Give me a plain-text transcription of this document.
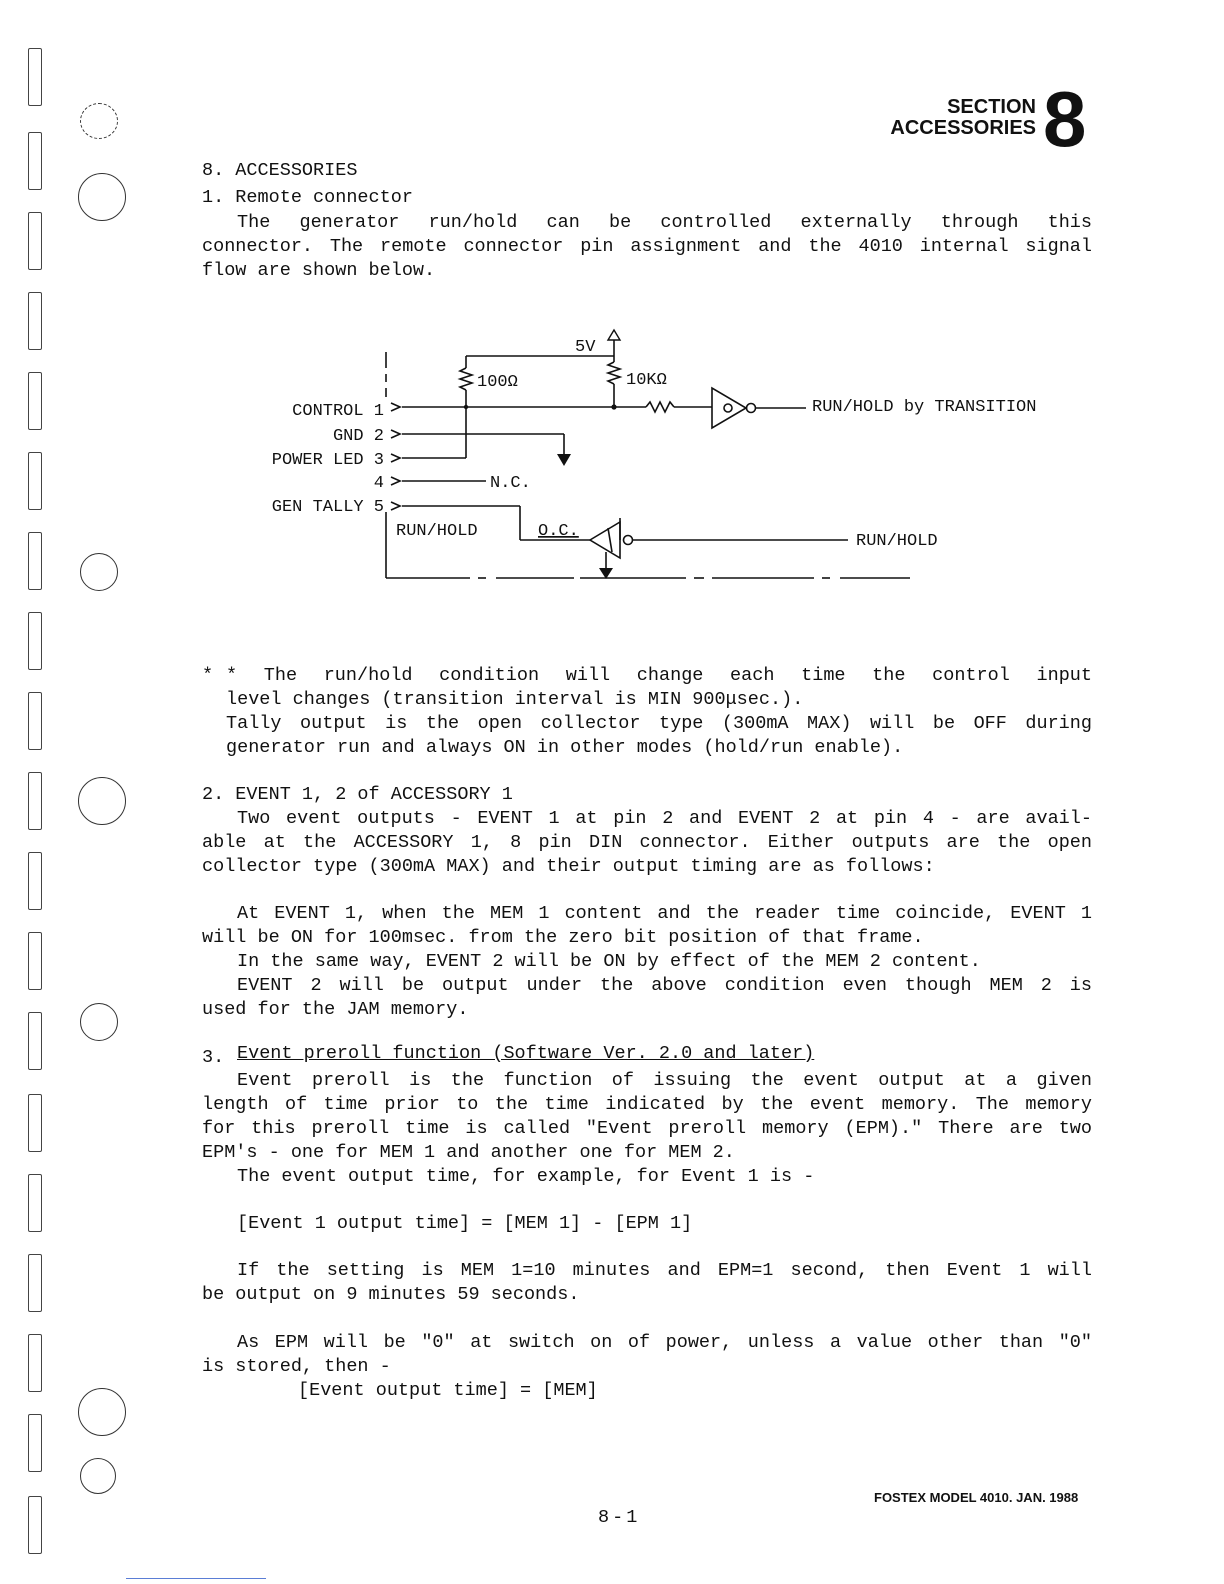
SECTION
ACCESSORIES 8
8. ACCESSORIES
1. Remote connector
The generator run/hold can be controlled externally through this
connector. The remote connector pin assignment and the 4010 internal signal
flow are shown below.
5V
100Ω	10KΩ
CONTROL 1
GND 2
POWER LED 3
4
GEN TALLY 5
N.C.
RUN/HOLD	O.C.
RUN/HOLD by TRANSITION
RUN/HOLD
* * The run/hold condition will change each time the control input
level changes (transition interval is MIN 900μsec.).
Tally output is the open collector type (300mA MAX) will be OFF during
generator run and always ON in other modes (hold/run enable).
2. EVENT 1, 2 of ACCESSORY 1
Two event outputs - EVENT 1 at pin 2 and EVENT 2 at pin 4 - are avail-
able at the ACCESSORY 1, 8 pin DIN connector. Either outputs are the open
collector type (300mA MAX) and their output timing are as follows:
At EVENT 1, when the MEM 1 content and the reader time coincide, EVENT 1
will be ON for 100msec. from the zero bit position of that frame.
In the same way, EVENT 2 will be ON by effect of the MEM 2 content.
EVENT 2 will be output under the above condition even though MEM 2 is
used for the JAM memory.
3. Event preroll function (Software Ver. 2.0 and later)
Event preroll is the function of issuing the event output at a given
length of time prior to the time indicated by the event memory. The memory
for this preroll time is called "Event preroll memory (EPM)." There are two
EPM's - one for MEM 1 and another one for MEM 2.
The event output time, for example, for Event 1 is -
[Event 1 output time] = [MEM 1] - [EPM 1]
If the setting is MEM 1=10 minutes and EPM=1 second, then Event 1 will
be output on 9 minutes 59 seconds.
As EPM will be "0" at switch on of power, unless a value other than "0"
is stored, then -
[Event output time] = [MEM]
FOSTEX MODEL 4010. JAN. 1988
8-1
